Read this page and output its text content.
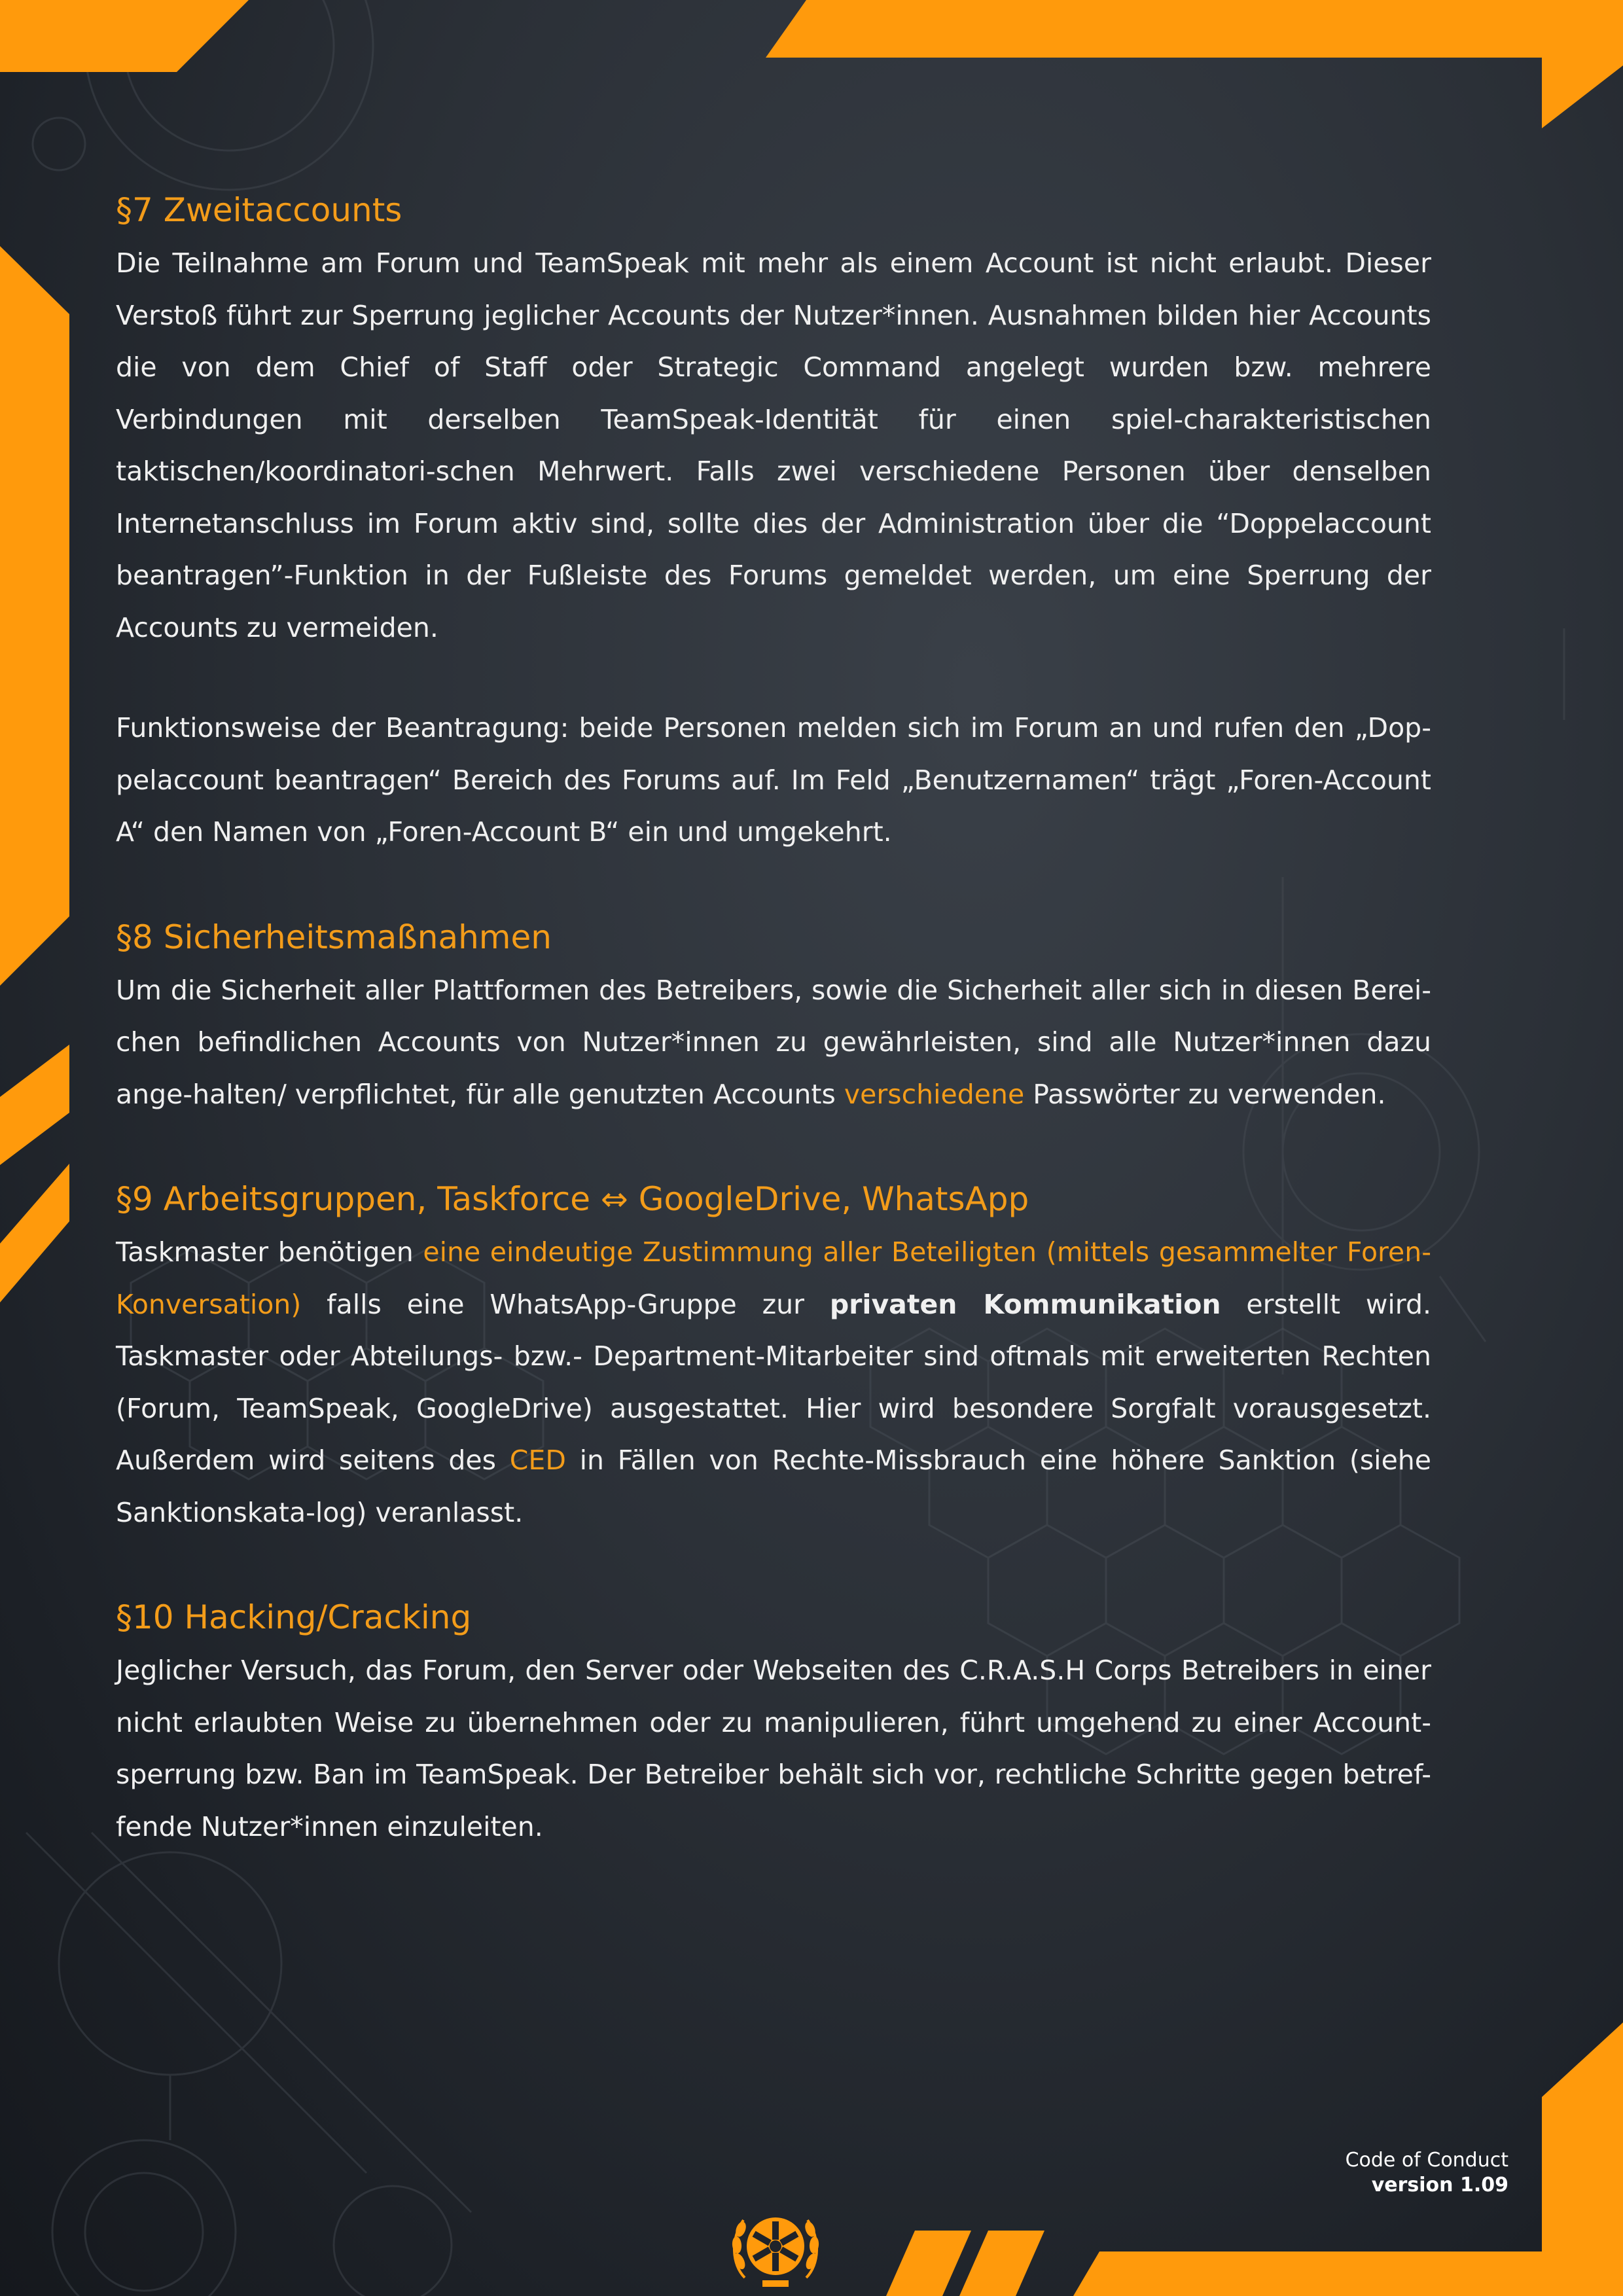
§7 Zweitaccounts

Die Teilnahme am Forum und TeamSpeak mit mehr als einem Account ist nicht erlaubt. Dieser Verstoß führt zur Sperrung jeglicher Accounts der Nutzer*innen. Ausnahmen bilden hier Accounts die von dem Chief of Staff oder Strategic Command angelegt wurden bzw. mehrere Verbindungen mit derselben TeamSpeak-Identität für einen spiel-charakteristischen taktischen/koordinatori-schen Mehrwert. Falls zwei verschiedene Personen über denselben Internetanschluss im Forum aktiv sind, sollte dies der Administration über die “Doppelaccount beantragen”-Funktion in der Fußleiste des Forums gemeldet werden, um eine Sperrung der Accounts zu vermeiden.

Funktionsweise der Beantragung: beide Personen melden sich im Forum an und rufen den „Dop-pelaccount beantragen“ Bereich des Forums auf. Im Feld „Benutzernamen“ trägt „Foren-Account A“ den Namen von „Foren-Account B“ ein und umgekehrt.

§8 Sicherheitsmaßnahmen

Um die Sicherheit aller Plattformen des Betreibers, sowie die Sicherheit aller sich in diesen Berei-chen befindlichen Accounts von Nutzer*innen zu gewährleisten, sind alle Nutzer*innen dazu ange-halten/ verpflichtet, für alle genutzten Accounts verschiedene Passwörter zu verwenden.

§9 Arbeitsgruppen, Taskforce ⇔ GoogleDrive, WhatsApp

Taskmaster benötigen eine eindeutige Zustimmung aller Beteiligten (mittels gesammelter Foren-Konversation) falls eine WhatsApp-Gruppe zur privaten Kommunikation erstellt wird. Taskmaster oder Abteilungs- bzw.- Department-Mitarbeiter sind oftmals mit erweiterten Rechten (Forum, TeamSpeak, GoogleDrive) ausgestattet. Hier wird besondere Sorgfalt vorausgesetzt. Außerdem wird seitens des CED in Fällen von Rechte-Missbrauch eine höhere Sanktion (siehe Sanktionskata-log) veranlasst.

§10 Hacking/Cracking

Jeglicher Versuch, das Forum, den Server oder Webseiten des C.R.A.S.H Corps Betreibers in einer nicht erlaubten Weise zu übernehmen oder zu manipulieren, führt umgehend zu einer Account-sperrung bzw. Ban im TeamSpeak. Der Betreiber behält sich vor, rechtliche Schritte gegen betref-fende Nutzer*innen einzuleiten.

Code of Conduct
version 1.09
